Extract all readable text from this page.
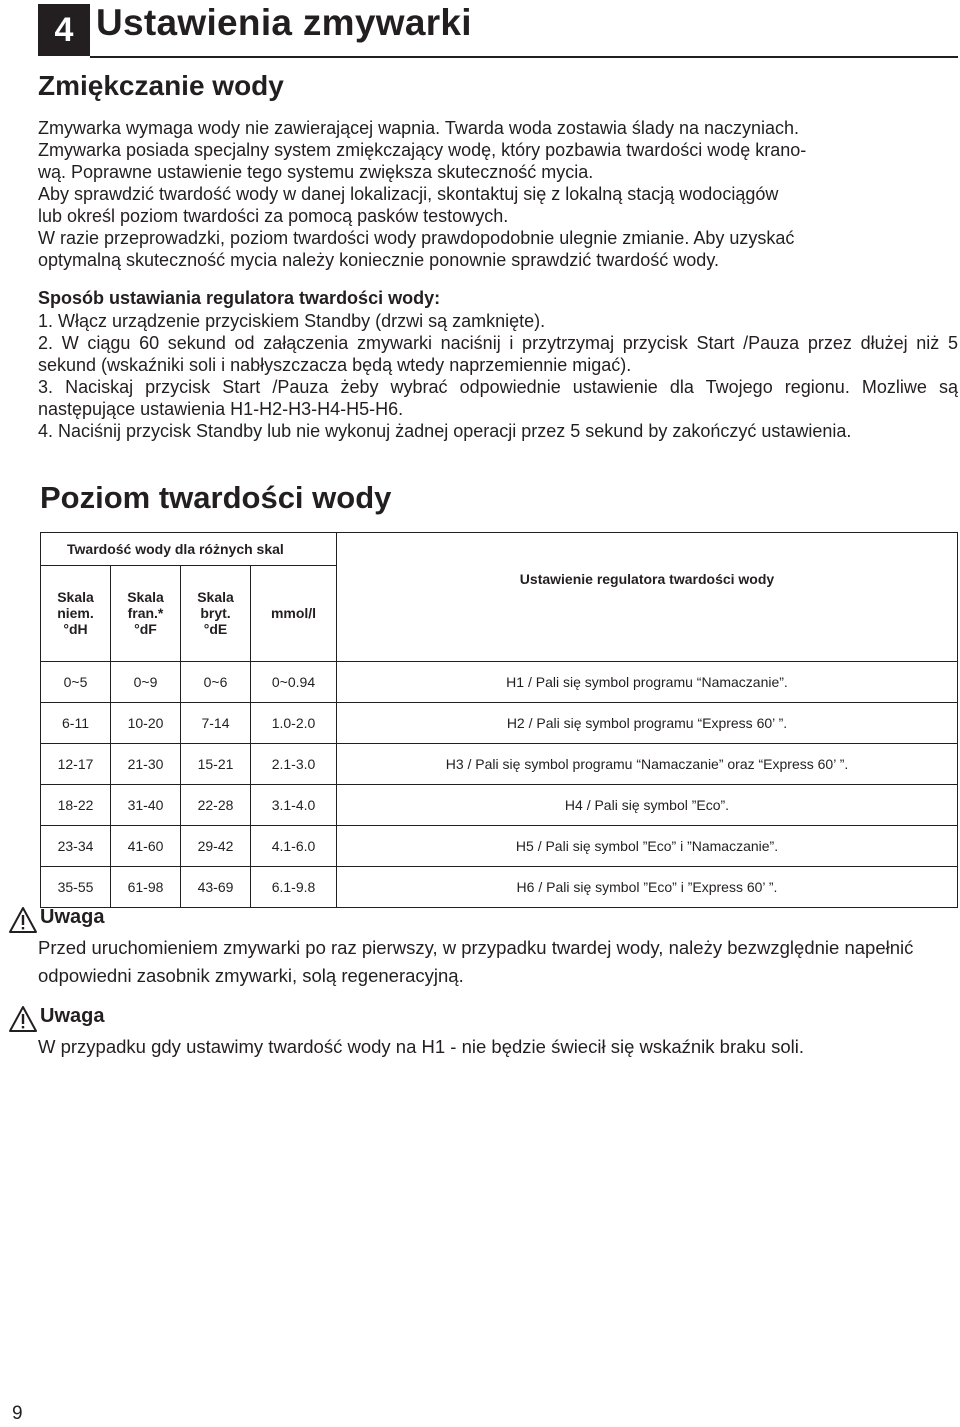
4 Ustawienia zmywarki
Zmiękczanie wody
Zmywarka wymaga wody nie zawierającej wapnia. Twarda woda zostawia ślady na naczyniach.
Zmywarka posiada specjalny system zmiękczający wodę, który pozbawia twardości wodę krano-
wą. Poprawne ustawienie tego systemu zwiększa skuteczność mycia.
Aby sprawdzić twardość wody w danej lokalizacji, skontaktuj się z lokalną stacją wodociągów
lub określ poziom twardości za pomocą pasków testowych.
W razie przeprowadzki, poziom twardości wody prawdopodobnie ulegnie zmianie. Aby uzyskać
optymalną skuteczność mycia należy koniecznie ponownie sprawdzić twardość wody.
Sposób ustawiania regulatora twardości wody:
1. Włącz urządzenie przyciskiem Standby (drzwi są zamknięte).
2. W ciągu 60 sekund od załączenia zmywarki naciśnij i przytrzymaj przycisk Start /Pauza przez dłużej niż 5 sekund (wskaźniki soli i nabłyszczacza będą wtedy naprzemiennie migać).
3. Naciskaj przycisk Start /Pauza żeby wybrać odpowiednie ustawienie dla Twojego regionu. Mozliwe są następujące ustawienia H1-H2-H3-H4-H5-H6.
4. Naciśnij przycisk Standby lub nie wykonuj żadnej operacji przez 5 sekund by zakończyć ustawienia.
Poziom twardości wody
Twardość wody dla różnych skal				Ustawienie regulatora twardości wody
Skala
niem.
°dH	Skala
fran.*
°dF	Skala
bryt.
°dE	mmol/l	
0~5	0~9	0~6	0~0.94	H1 / Pali się symbol programu “Namaczanie”.
6-11	10-20	7-14	1.0-2.0	H2 / Pali się symbol programu “Express 60’ ”.
12-17	21-30	15-21	2.1-3.0	H3 / Pali się symbol programu “Namaczanie” oraz “Express 60’ ”.
18-22	31-40	22-28	3.1-4.0	H4 / Pali się symbol ”Eco”.
23-34	41-60	29-42	4.1-6.0	H5 / Pali się symbol ”Eco” i ”Namaczanie”.
35-55	61-98	43-69	6.1-9.8	H6 / Pali się symbol ”Eco” i ”Express 60’ ”.
Uwaga
Przed uruchomieniem zmywarki po raz pierwszy, w przypadku twardej wody, należy bezwzględnie napełnić odpowiedni zasobnik zmywarki, solą regeneracyjną.
Uwaga
W przypadku gdy ustawimy twardość wody na H1 - nie będzie świecił się wskaźnik braku soli.
9
